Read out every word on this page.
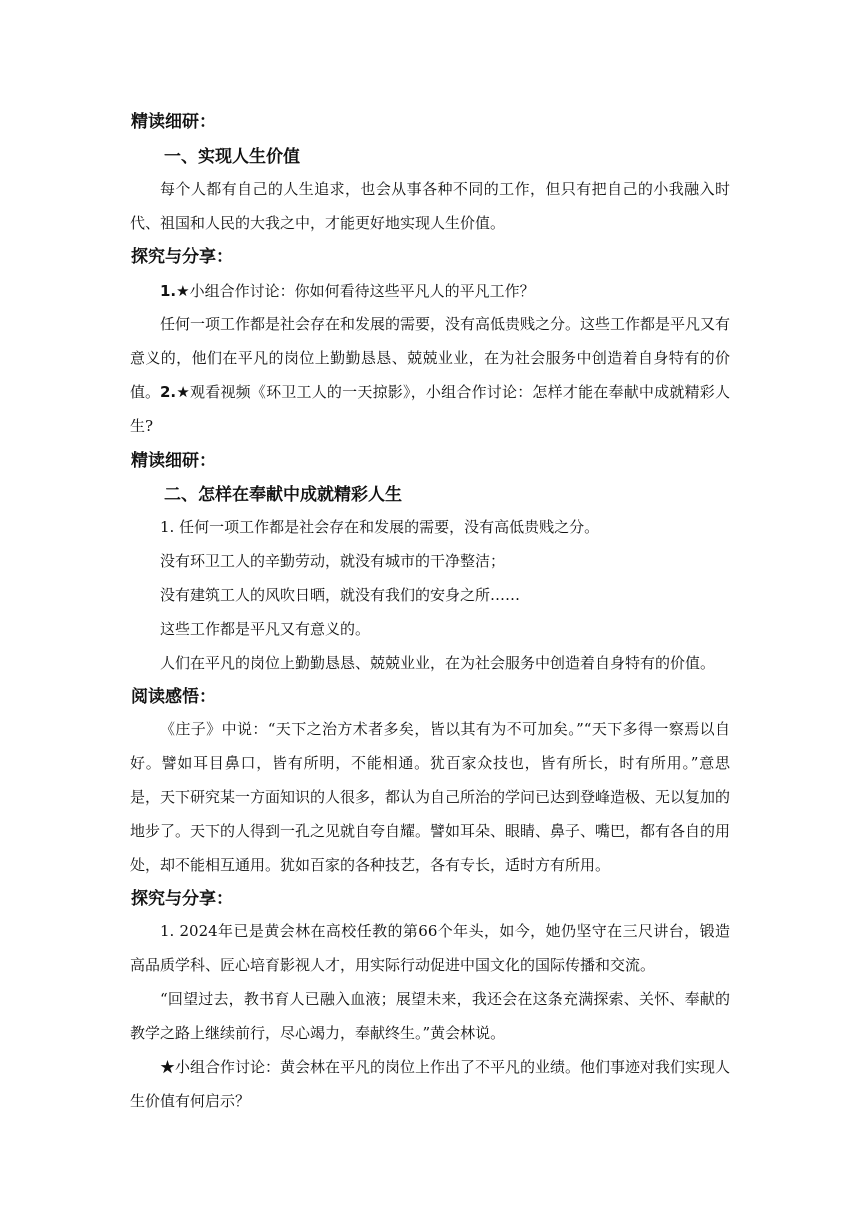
精读细研：
一、实现人生价值

每个人都有自己的人生追求，也会从事各种不同的工作，但只有把自己的小我融入时代、祖国和人民的大我之中，才能更好地实现人生价值。

探究与分享：
1.★小组合作讨论：你如何看待这些平凡人的平凡工作？

任何一项工作都是社会存在和发展的需要，没有高低贵贱之分。这些工作都是平凡又有意义的，他们在平凡的岗位上勤勤恳恳、兢兢业业，在为社会服务中创造着自身特有的价值。 2.★观看视频《环卫工人的一天掠影》，小组合作讨论：怎样才能在奉献中成就精彩人生?

精读细研：
二、怎样在奉献中成就精彩人生
1. 任何一项工作都是社会存在和发展的需要，没有高低贵贱之分。
没有环卫工人的辛勤劳动，就没有城市的干净整洁；
没有建筑工人的风吹日晒，就没有我们的安身之所……
这些工作都是平凡又有意义的。
人们在平凡的岗位上勤勤恳恳、兢兢业业，在为社会服务中创造着自身特有的价值。
阅读感悟：

《庄子》中说：“天下之治方术者多矣，皆以其有为不可加矣。”“天下多得一察焉以自好。譬如耳目鼻口，皆有所明，不能相通。犹百家众技也，皆有所长，时有所用。”意思是，天下研究某一方面知识的人很多，都认为自己所治的学问已达到登峰造极、无以复加的地步了。天下的人得到一孔之见就自夸自耀。譬如耳朵、眼睛、鼻子、嘴巴，都有各自的用处，却不能相互通用。犹如百家的各种技艺，各有专长，适时方有所用。

探究与分享：

1. 2024年已是黄会林在高校任教的第66个年头，如今，她仍坚守在三尺讲台，锻造高品质学科、匠心培育影视人才，用实际行动促进中国文化的国际传播和交流。

“回望过去，教书育人已融入血液；展望未来，我还会在这条充满探索、关怀、奉献的教学之路上继续前行，尽心竭力，奉献终生。”黄会林说。

★小组合作讨论：黄会林在平凡的岗位上作出了不平凡的业绩。他们事迹对我们实现人生价值有何启示？
